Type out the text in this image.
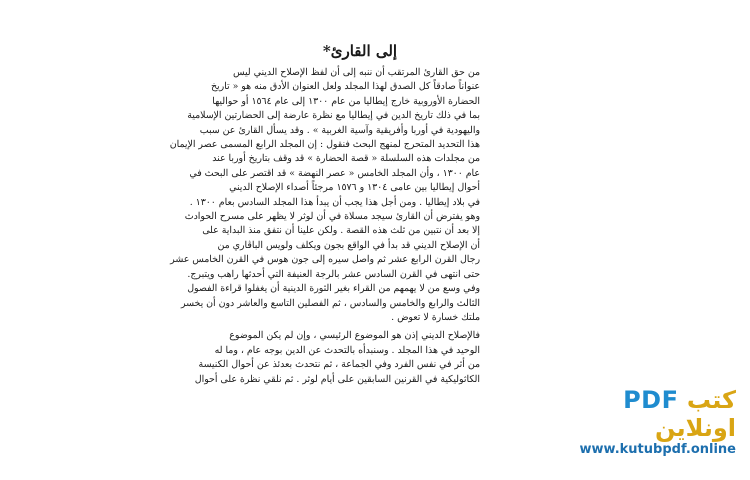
إلى القارئ*

من حق القارئ المرتقب أن ننبه إلى أن لفظ الإصلاح الديني ليس
عنواناً صادقاً كل الصدق لهذا المجلد ولعل العنوان الأدق منه هو « تاريخ
الحضارة الأوروبية خارج إيطاليا من عام ١٣٠٠ إلى عام ١٥٦٤ أو حواليها
بما في ذلك تاريخ الدين في إيطاليا مع نظرة عارضة إلى الحضارتين الإسلامية
واليهودية في أوربا وأفريقية وآسية الغربية » . وقد يسأل القارئ عن سبب
هذا التحديد المتحرج لمنهج البحث فنقول : إن المجلد الرابع المسمى عصر الإيمان
من مجلدات هذه السلسلة « قصة الحضارة » قد وقف بتاريخ أوربا عند
عام ١٣٠٠ ، وأن المجلد الخامس « عصر النهضة » قد اقتصر على البحث في
أحوال إيطاليا بين عامى ١٣٠٤ و ١٥٧٦ مرجئاً أصداء الإصلاح الديني
في بلاد إيطاليا . ومن أجل هذا يجب أن يبدأ هذا المجلد السادس بعام ١٣٠٠ .
وهو يفترض أن القارئ سيجد مسلاة في أن لوثر لا يظهر على مسرح الحوادث
إلا بعد أن نتبين من ثلث هذه القصة . ولكن علينا أن نتفق منذ البداية على
أن الإصلاح الديني قد بدأ في الواقع بجون ويكلف ولويس الباڤاري من
رجال القرن الرابع عشر ثم واصل سيره إلى جون هوس في القرن الخامس عشر
حتى انتهى في القرن السادس عشر بالرجة العنيفة التي أحدثها راهب ويتبرج.
وفي وسع من لا يهمهم من القراء بغير الثورة الدينية أن يغفلوا قراءة الفصول
الثالث والرابع والخامس والسادس ، ثم الفصلين التاسع والعاشر دون أن يخسر
ملتك خسارة لا تعوض .

فالإصلاح الديني إذن هو الموضوع الرئيسي ، وإن لم يكن الموضوع
الوحيد في هذا المجلد . وسنبدأه بالتحدث عن الدين بوجه عام ، وما له
من أثر في نفس الفرد وفي الجماعة ، ثم نتحدث بعدئذ عن أحوال الكنيسة
الكاثوليكية في القرنين السابقين على أيام لوثر . ثم نلقي نظرة على أحوال

كتب PDF اونلاين
www.kutubpdf.online
